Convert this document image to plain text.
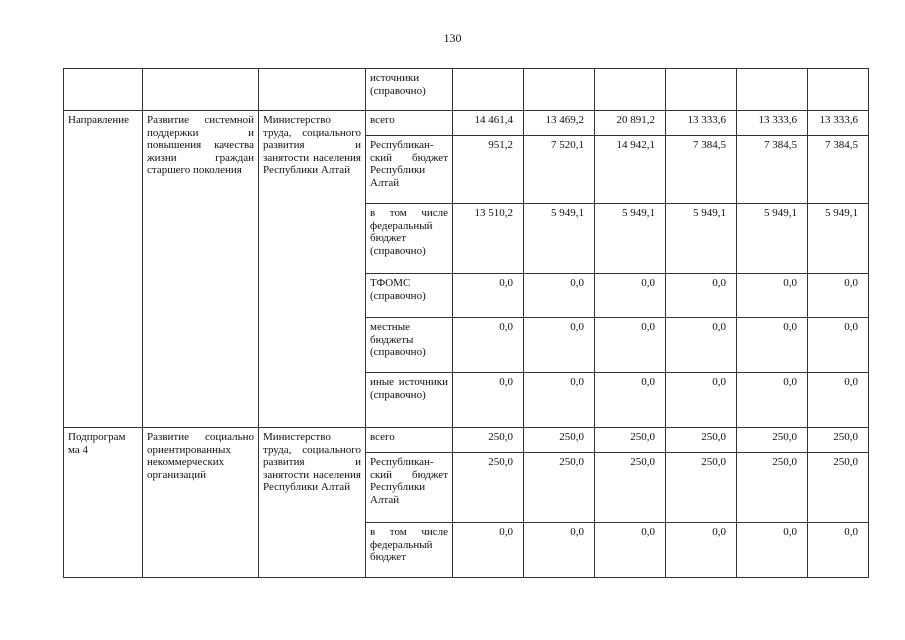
130
			источники (справочно)						

Направление	Развитие системной поддержки и повышения качества жизни граждан старшего поколения	Министерство труда, социального развития и занятости населения Республики Алтай	всего	14 461,4	13 469,2	20 891,2	13 333,6	13 333,6	13 333,6
			Республикан-ский бюджет Республики Алтай	951,2	7 520,1	14 942,1	7 384,5	7 384,5	7 384,5
			в том числе федеральный бюджет (справочно)	13 510,2	5 949,1	5 949,1	5 949,1	5 949,1	5 949,1
			ТФОМС (справочно)	0,0	0,0	0,0	0,0	0,0	0,0
			местные бюджеты (справочно)	0,0	0,0	0,0	0,0	0,0	0,0
			иные источники (справочно)	0,0	0,0	0,0	0,0	0,0	0,0

Подпрограм ма 4	Развитие социально ориентированных некоммерческих организаций	Министерство труда, социального развития и занятости населения Республики Алтай	всего	250,0	250,0	250,0	250,0	250,0	250,0
			Республикан-ский бюджет Республики Алтай	250,0	250,0	250,0	250,0	250,0	250,0
			в том числе федеральный бюджет	0,0	0,0	0,0	0,0	0,0	0,0
